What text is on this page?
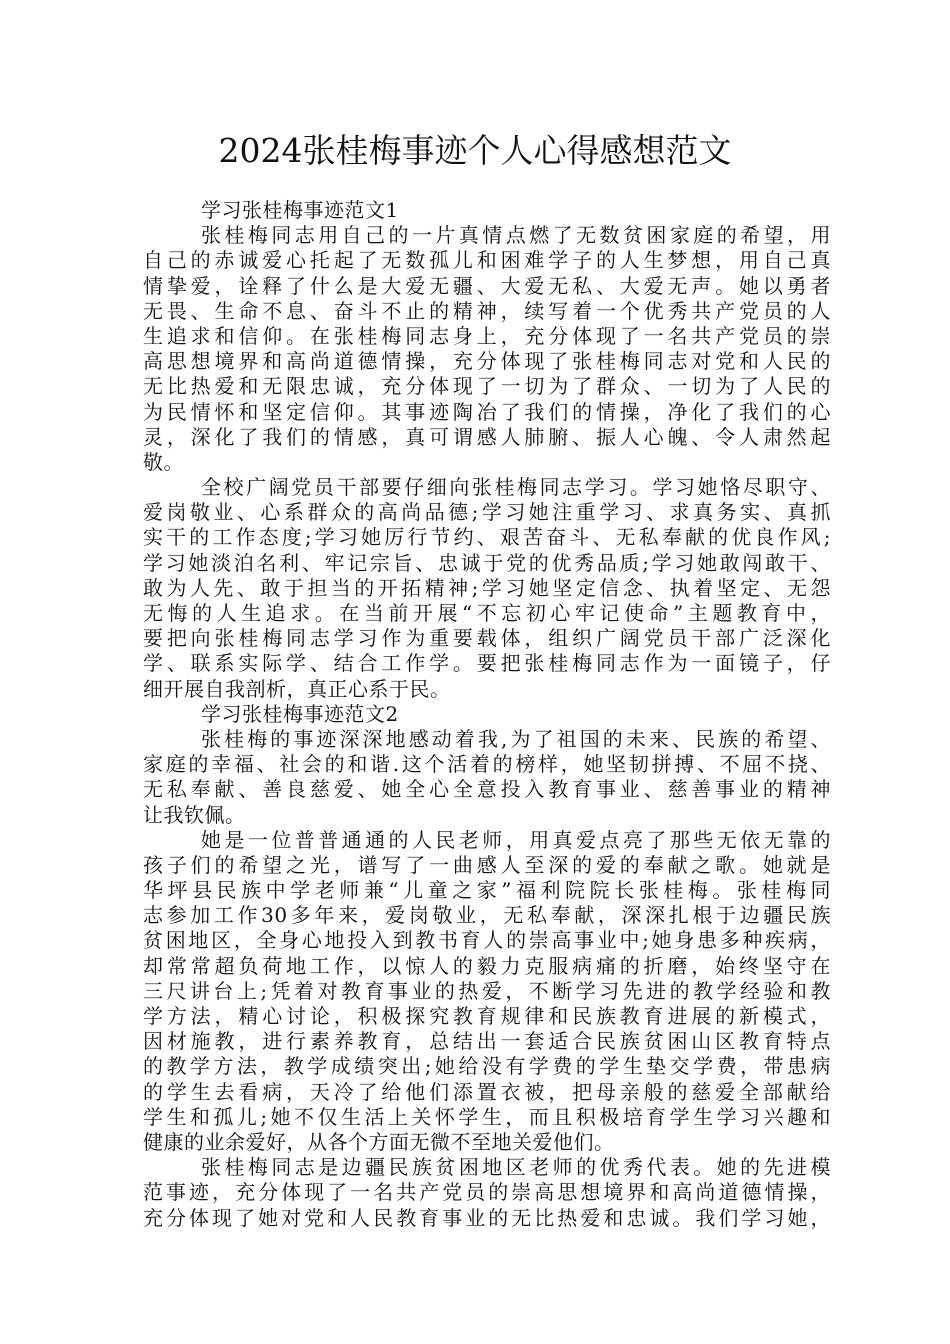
2024张桂梅事迹个人心得感想范文
学习张桂梅事迹范文1
张桂梅同志用自己的一片真情点燃了无数贫困家庭的希望，用
自己的赤诚爱心托起了无数孤儿和困难学子的人生梦想，用自己真
情挚爱，诠释了什么是大爱无疆、大爱无私、大爱无声。她以勇者
无畏、生命不息、奋斗不止的精神，续写着一个优秀共产党员的人
生追求和信仰。在张桂梅同志身上，充分体现了一名共产党员的崇
高思想境界和高尚道德情操，充分体现了张桂梅同志对党和人民的
无比热爱和无限忠诚，充分体现了一切为了群众、一切为了人民的
为民情怀和坚定信仰。其事迹陶冶了我们的情操，净化了我们的心
灵，深化了我们的情感，真可谓感人肺腑、振人心魄、令人肃然起
敬。
全校广阔党员干部要仔细向张桂梅同志学习。学习她恪尽职守、
爱岗敬业、心系群众的高尚品德;学习她注重学习、求真务实、真抓
实干的工作态度;学习她厉行节约、艰苦奋斗、无私奉献的优良作风;
学习她淡泊名利、牢记宗旨、忠诚于党的优秀品质;学习她敢闯敢干、
敢为人先、敢于担当的开拓精神;学习她坚定信念、执着坚定、无怨
无悔的人生追求。在当前开展“不忘初心牢记使命”主题教育中，
要把向张桂梅同志学习作为重要载体，组织广阔党员干部广泛深化
学、联系实际学、结合工作学。要把张桂梅同志作为一面镜子，仔
细开展自我剖析，真正心系于民。
学习张桂梅事迹范文2
张桂梅的事迹深深地感动着我,为了祖国的未来、民族的希望、
家庭的幸福、社会的和谐.这个活着的榜样，她坚韧拼搏、不屈不挠、
无私奉献、善良慈爱、她全心全意投入教育事业、慈善事业的精神
让我钦佩。
她是一位普普通通的人民老师，用真爱点亮了那些无依无靠的
孩子们的希望之光，谱写了一曲感人至深的爱的奉献之歌。她就是
华坪县民族中学老师兼“儿童之家”福利院院长张桂梅。张桂梅同
志参加工作30多年来，爱岗敬业，无私奉献，深深扎根于边疆民族
贫困地区，全身心地投入到教书育人的崇高事业中;她身患多种疾病，
却常常超负荷地工作，以惊人的毅力克服病痛的折磨，始终坚守在
三尺讲台上;凭着对教育事业的热爱，不断学习先进的教学经验和教
学方法，精心讨论，积极探究教育规律和民族教育进展的新模式，
因材施教，进行素养教育，总结出一套适合民族贫困山区教育特点
的教学方法，教学成绩突出;她给没有学费的学生垫交学费，带患病
的学生去看病，天冷了给他们添置衣被，把母亲般的慈爱全部献给
学生和孤儿;她不仅生活上关怀学生，而且积极培育学生学习兴趣和
健康的业余爱好，从各个方面无微不至地关爱他们。
张桂梅同志是边疆民族贫困地区老师的优秀代表。她的先进模
范事迹，充分体现了一名共产党员的崇高思想境界和高尚道德情操，
充分体现了她对党和人民教育事业的无比热爱和忠诚。我们学习她，
